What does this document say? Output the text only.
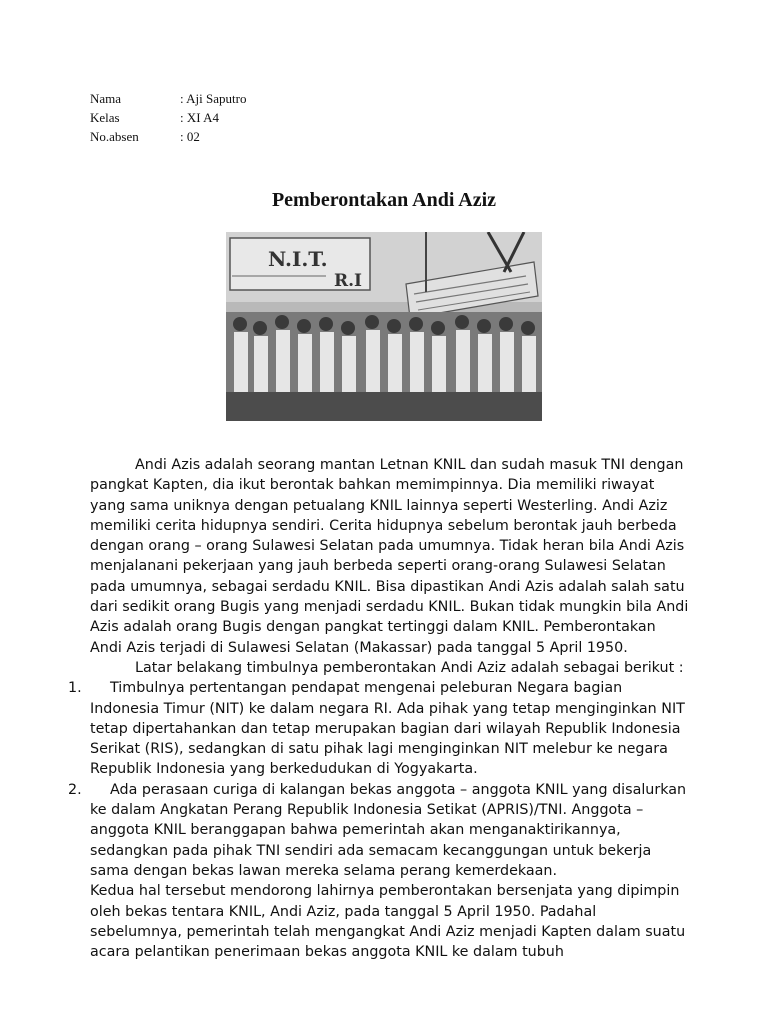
Nama	: Aji Saputro
Kelas	: XI A4
No.absen	: 02
Pemberontakan Andi Aziz
N.I.T.
R.I

Andi Azis adalah seorang mantan Letnan KNIL dan sudah masuk TNI dengan pangkat Kapten, dia ikut berontak bahkan memimpinnya. Dia memiliki riwayat yang sama uniknya dengan petualang KNIL lainnya seperti Westerling. Andi Aziz memiliki cerita hidupnya sendiri. Cerita hidupnya sebelum berontak jauh berbeda dengan orang – orang Sulawesi Selatan pada umumnya. Tidak heran bila Andi Azis menjalanani pekerjaan yang jauh berbeda seperti orang-orang Sulawesi Selatan pada umumnya, sebagai serdadu KNIL. Bisa dipastikan Andi Azis adalah salah satu dari sedikit orang Bugis yang menjadi serdadu KNIL. Bukan tidak mungkin bila Andi Azis adalah orang Bugis dengan pangkat tertinggi dalam KNIL. Pemberontakan Andi Azis terjadi di Sulawesi Selatan (Makassar) pada tanggal 5 April 1950.

Latar belakang timbulnya pemberontakan Andi Aziz adalah sebagai berikut :

1.	Timbulnya pertentangan pendapat mengenai peleburan Negara bagian Indonesia Timur (NIT) ke dalam negara RI. Ada pihak yang tetap menginginkan NIT tetap dipertahankan dan tetap merupakan bagian dari wilayah Republik Indonesia Serikat (RIS), sedangkan di satu pihak lagi menginginkan NIT melebur ke negara Republik Indonesia yang berkedudukan di Yogyakarta.

2.	Ada perasaan curiga di kalangan bekas anggota – anggota KNIL yang disalurkan ke dalam Angkatan Perang Republik Indonesia Setikat (APRIS)/TNI. Anggota – anggota KNIL beranggapan bahwa pemerintah akan menganaktirikannya, sedangkan pada pihak TNI sendiri ada semacam kecanggungan untuk bekerja sama dengan bekas lawan mereka selama perang kemerdekaan.

Kedua hal tersebut mendorong lahirnya pemberontakan bersenjata yang dipimpin oleh bekas tentara KNIL, Andi Aziz, pada tanggal 5 April 1950. Padahal sebelumnya, pemerintah telah mengangkat Andi Aziz menjadi Kapten dalam suatu acara pelantikan penerimaan bekas anggota KNIL ke dalam tubuh
